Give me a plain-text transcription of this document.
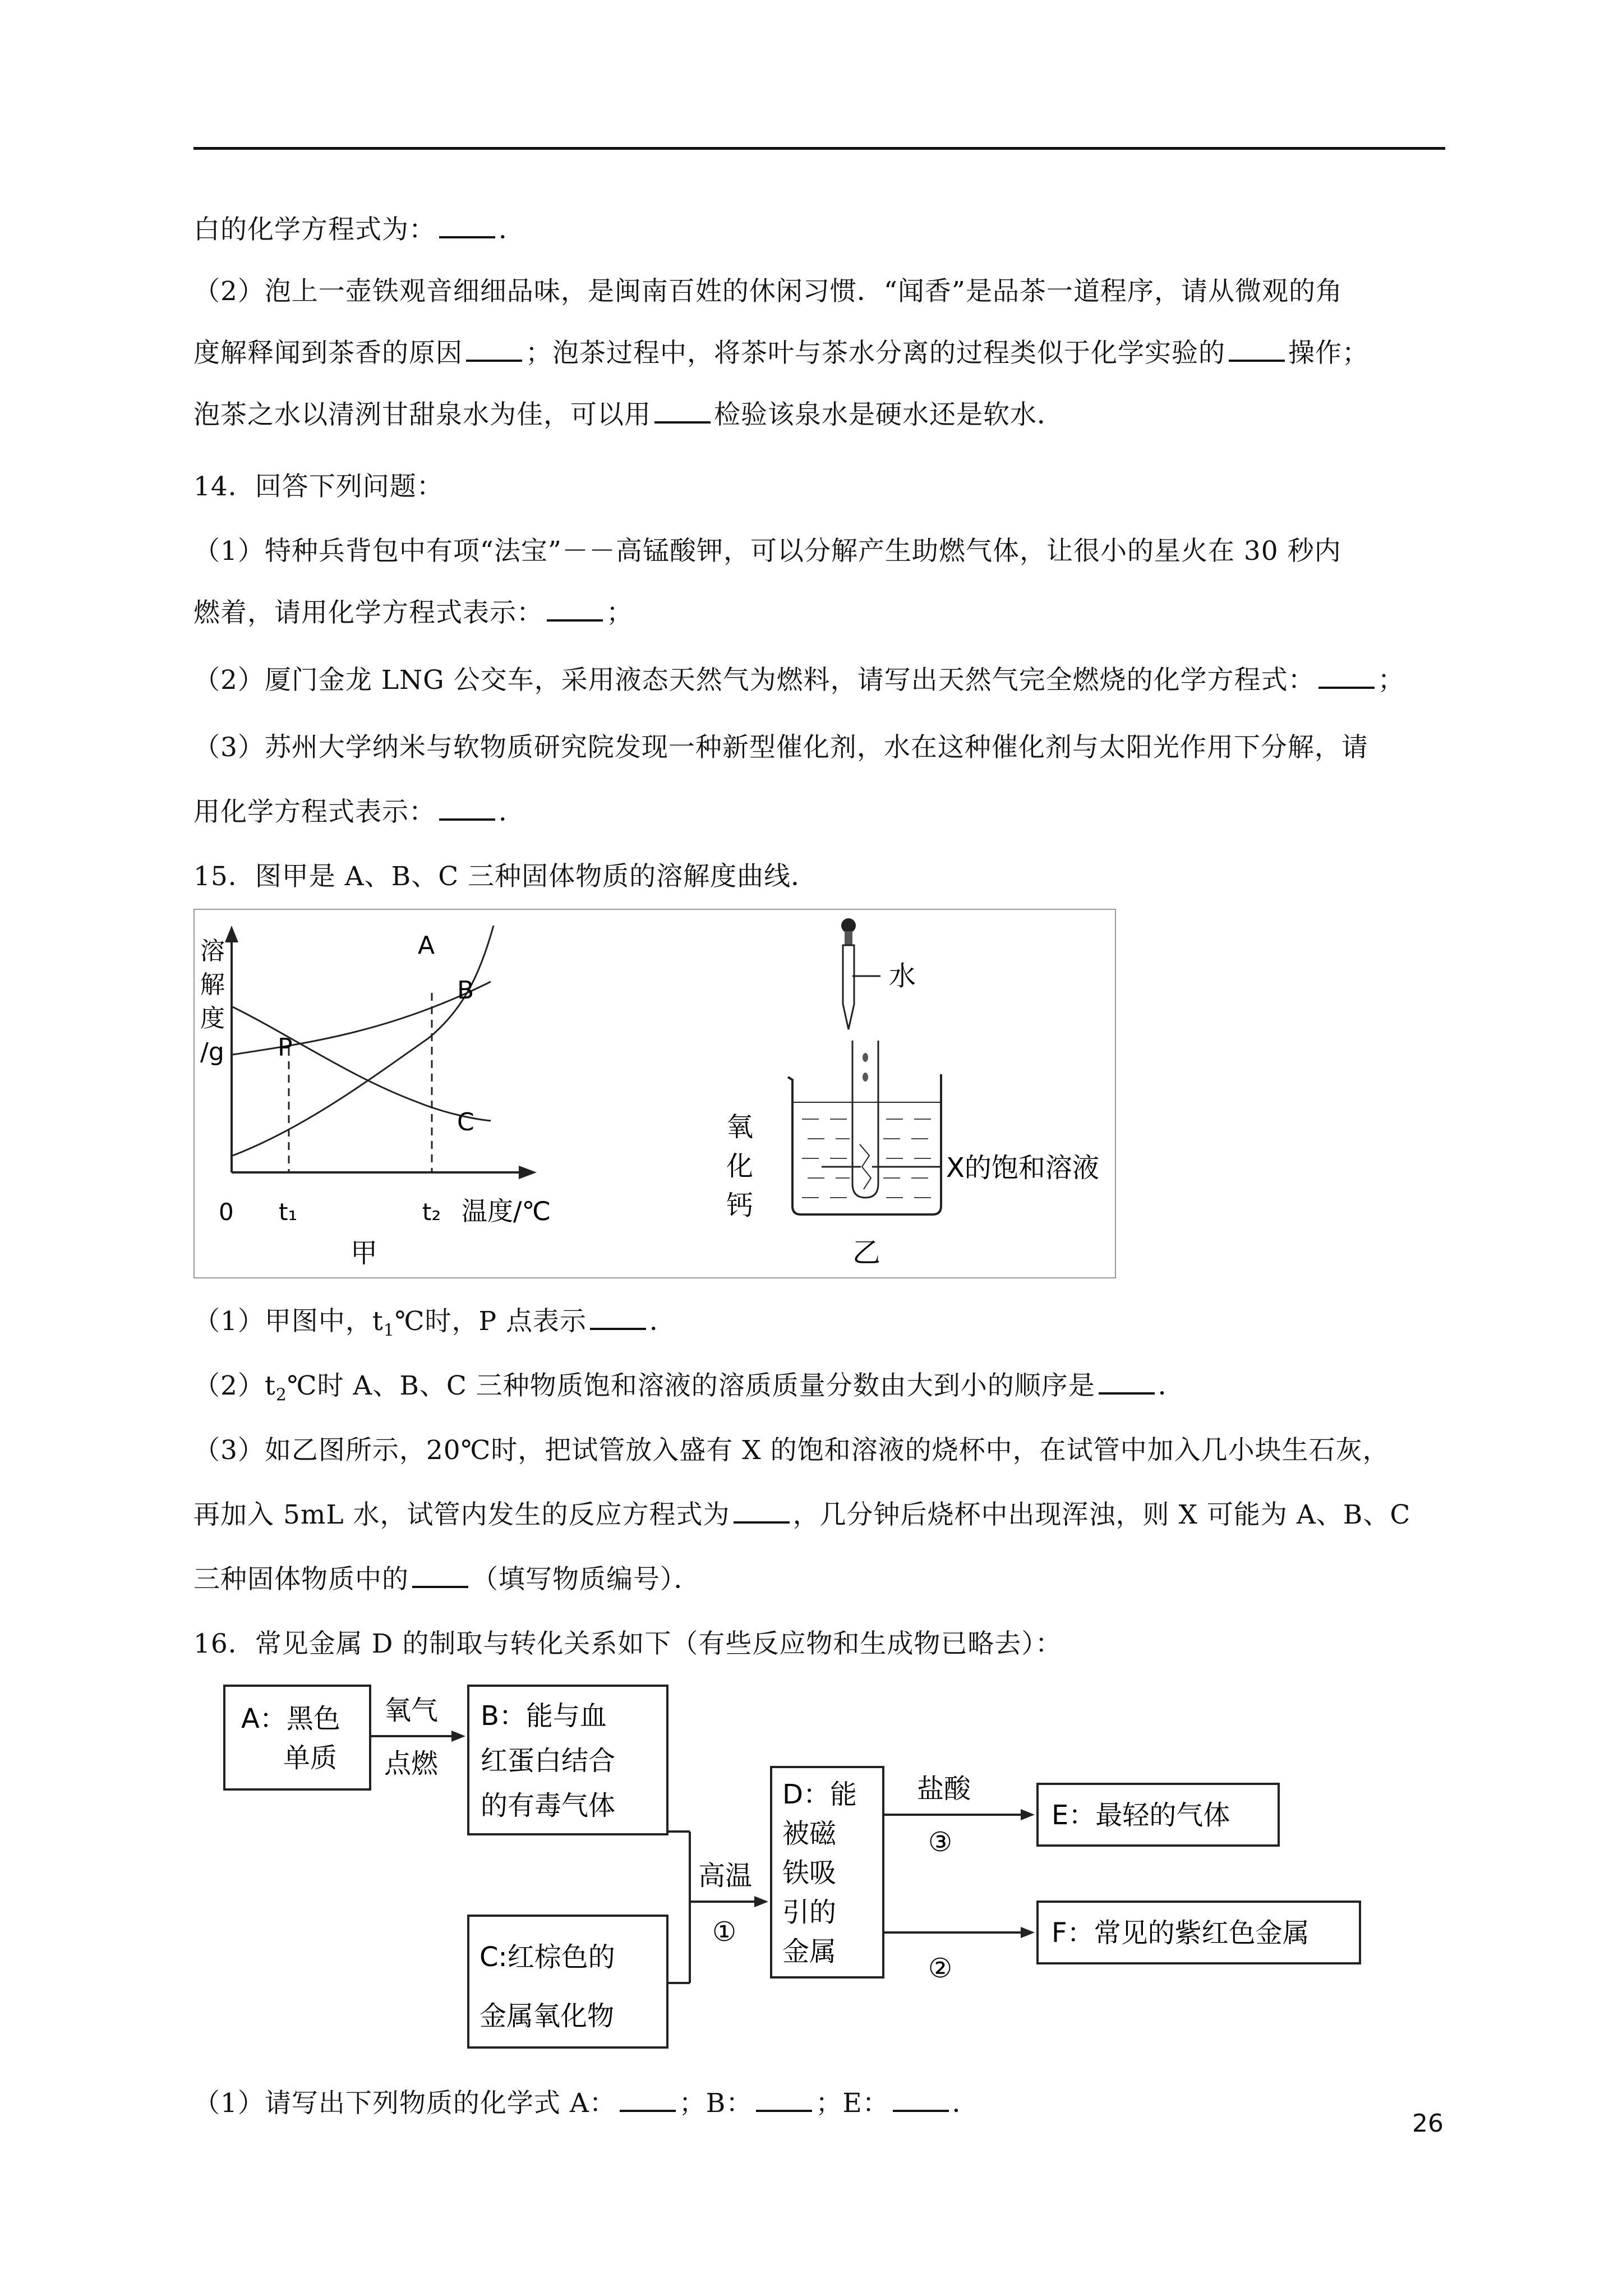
白的化学方程式为： ．
（2）泡上一壶铁观音细细品味，是闽南百姓的休闲习惯．“闻香”是品茶一道程序，请从微观的角
度解释闻到茶香的原因 ；泡茶过程中，将茶叶与茶水分离的过程类似于化学实验的 操作；
泡茶之水以清洌甘甜泉水为佳，可以用 检验该泉水是硬水还是软水．
14．回答下列问题：
（1）特种兵背包中有项“法宝”－－高锰酸钾，可以分解产生助燃气体，让很小的星火在 30 秒内
燃着，请用化学方程式表示： ；
（2）厦门金龙 LNG 公交车，采用液态天然气为燃料，请写出天然气完全燃烧的化学方程式： ；
（3）苏州大学纳米与软物质研究院发现一种新型催化剂，水在这种催化剂与太阳光作用下分解，请
用化学方程式表示： ．
15．图甲是 A、B、C 三种固体物质的溶解度曲线．
溶
解
度
/g
A
B
C
P
0 t₁	t₂ 温度/℃
甲
水
氧
化
钙
X的饱和溶液
乙
（1）甲图中，$t_1℃$时，P 点表示 ．
$(2)t_2℃$时 A、B、C 三种物质饱和溶液的溶质质量分数由大到小的顺序是 ．
（3）如乙图所示，20℃时，把试管放入盛有 X 的饱和溶液的烧杯中，在试管中加入几小块生石灰，
再加入 5mL 水，试管内发生的反应方程式为 ，几分钟后烧杯中出现浑浊，则 X 可能为 A、B、C
三种固体物质中的 （填写物质编号）．
16．常见金属 D 的制取与转化关系如下（有些反应物和生成物已略去）：
A：黑色
单质
氧气
点燃
B：能与血
红蛋白结合
的有毒气体
C:红棕色的
金属氧化物
高温
①
D：能
被磁
铁吸
引的
金属
盐酸
③
E：最轻的气体
②
F：常见的紫红色金属
（1）请写出下列物质的化学式 A： ；B： ；E： ．
26
